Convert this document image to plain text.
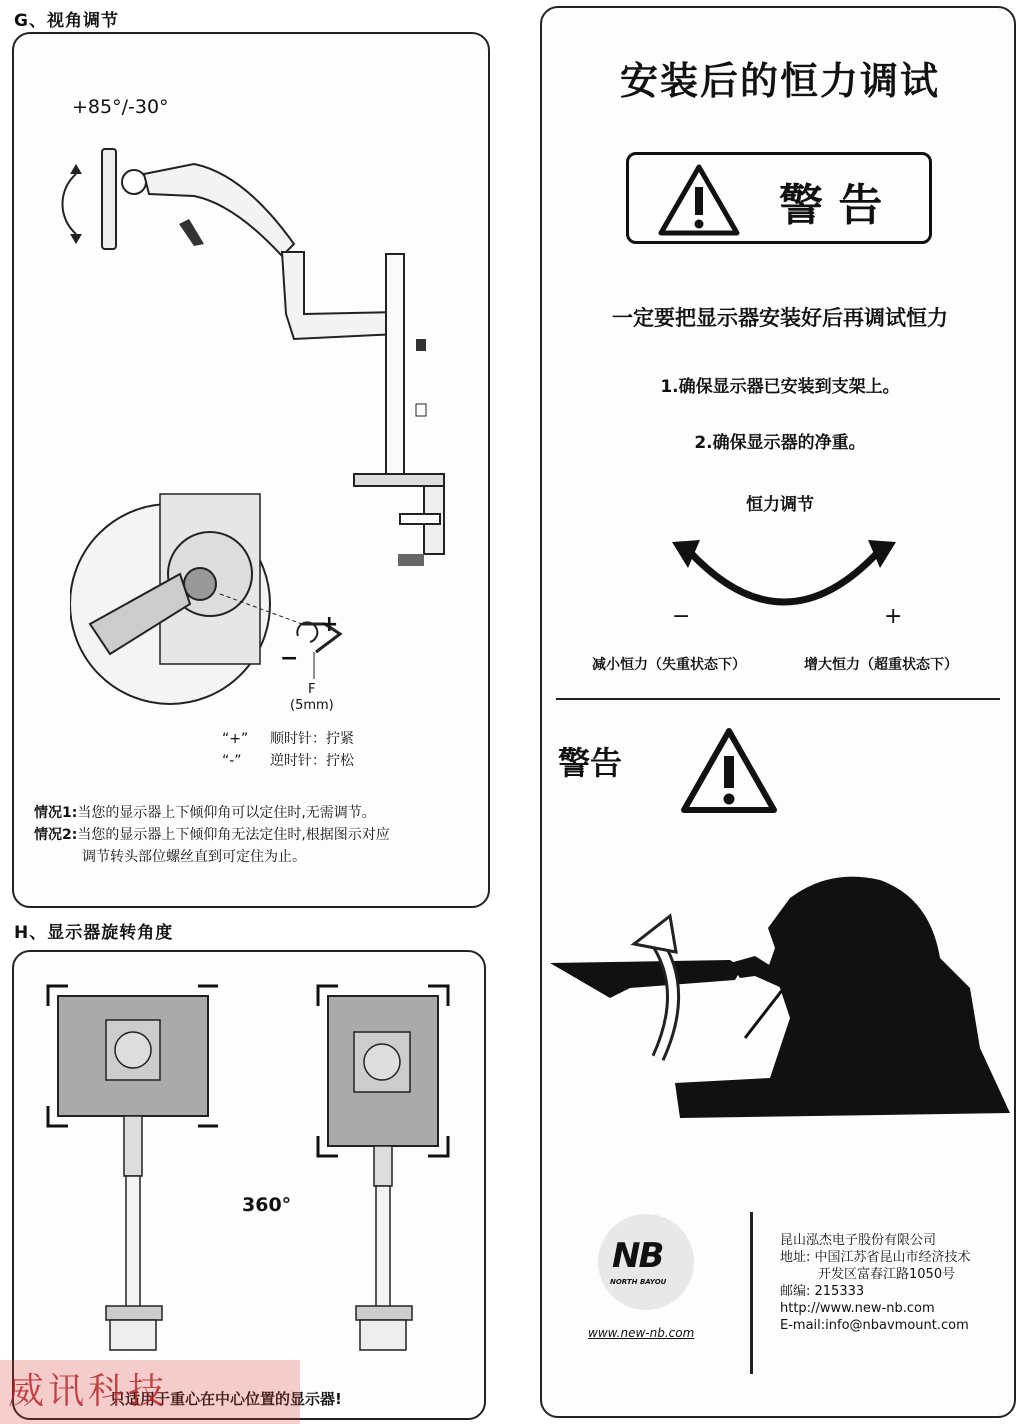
G、视角调节
+85°/-30°
+
−
F
(5mm)
“+” 顺时针：拧紧
“-” 逆时针：拧松
情况1:当您的显示器上下倾仰角可以定住时,无需调节。
情况2:当您的显示器上下倾仰角无法定住时,根据图示对应
调节转头部位螺丝直到可定住为止。
H、显示器旋转角度
360°
只适用于重心在中心位置的显示器!
安装后的恒力调试
警 告
一定要把显示器安装好后再调试恒力
1.确保显示器已安装到支架上。
2.确保显示器的净重。
恒力调节
−	+
减小恒力（失重状态下）	增大恒力（超重状态下）
警告
NB
NORTH BAYOU
www.new-nb.com
昆山泓杰电子股份有限公司
地址: 中国江苏省昆山市经济技术
开发区富春江路1050号
邮编: 215333
http://www.new-nb.com
E-mail:info@nbavmount.com
威讯科技
